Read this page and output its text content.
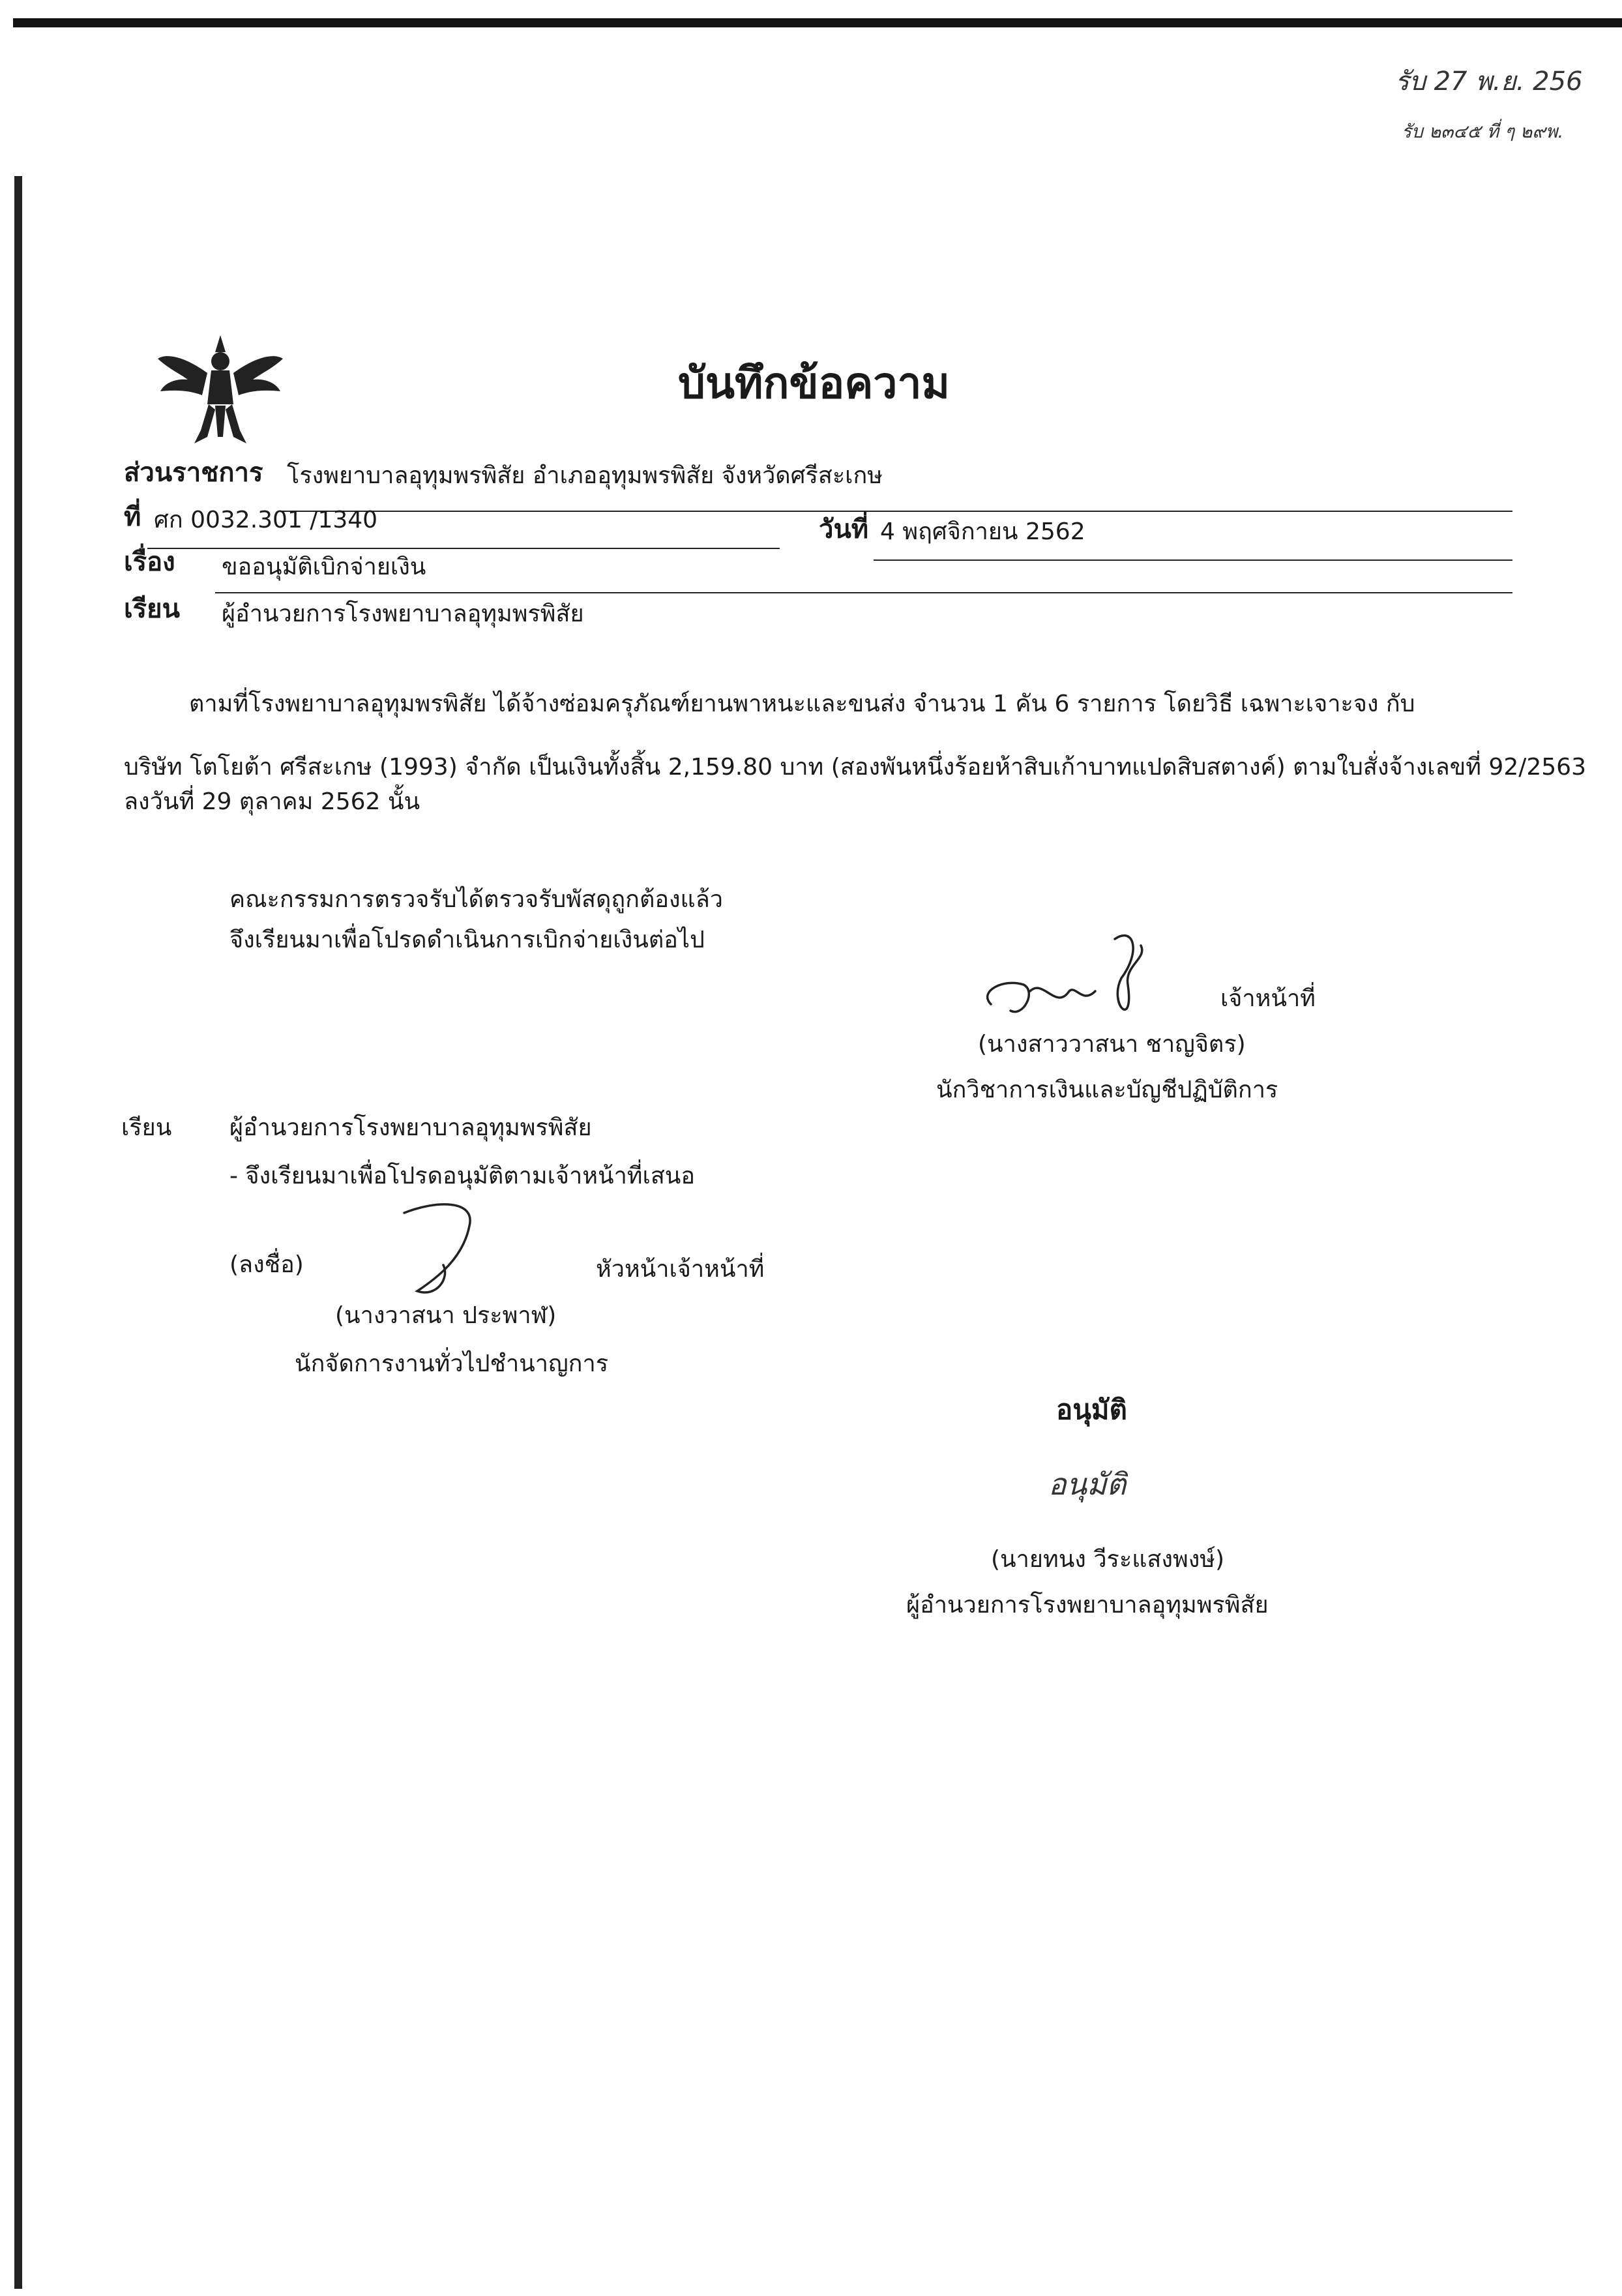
รับ 27 พ.ย. 256
รับ ๒๓๔๕ ที่ ๆ ๒๙พ.
บันทึกข้อความ
ส่วนราชการ โรงพยาบาลอุทุมพรพิสัย อำเภออุทุมพรพิสัย จังหวัดศรีสะเกษ
ที่ ศก 0032.301 /1340	วันที่ 4 พฤศจิกายน 2562
เรื่อง ขออนุมัติเบิกจ่ายเงิน
เรียน ผู้อำนวยการโรงพยาบาลอุทุมพรพิสัย
ตามที่โรงพยาบาลอุทุมพรพิสัย ได้จ้างซ่อมครุภัณฑ์ยานพาหนะและขนส่ง จำนวน 1 คัน 6 รายการ โดยวิธี เฉพาะเจาะจง กับ
บริษัท โตโยต้า ศรีสะเกษ (1993) จำกัด เป็นเงินทั้งสิ้น 2,159.80 บาท (สองพันหนึ่งร้อยห้าสิบเก้าบาทแปดสิบสตางค์) ตามใบสั่งจ้างเลขที่ 92/2563
ลงวันที่ 29 ตุลาคม 2562 นั้น
คณะกรรมการตรวจรับได้ตรวจรับพัสดุถูกต้องแล้ว
จึงเรียนมาเพื่อโปรดดำเนินการเบิกจ่ายเงินต่อไป
เจ้าหน้าที่
(นางสาววาสนา ชาญจิตร)
นักวิชาการเงินและบัญชีปฏิบัติการ
เรียน ผู้อำนวยการโรงพยาบาลอุทุมพรพิสัย
- จึงเรียนมาเพื่อโปรดอนุมัติตามเจ้าหน้าที่เสนอ
(ลงชื่อ)	หัวหน้าเจ้าหน้าที่
(นางวาสนา ประพาฬ)
นักจัดการงานทั่วไปชำนาญการ
อนุมัติ
อนุมัติ
(นายทนง วีระแสงพงษ์)
ผู้อำนวยการโรงพยาบาลอุทุมพรพิสัย
